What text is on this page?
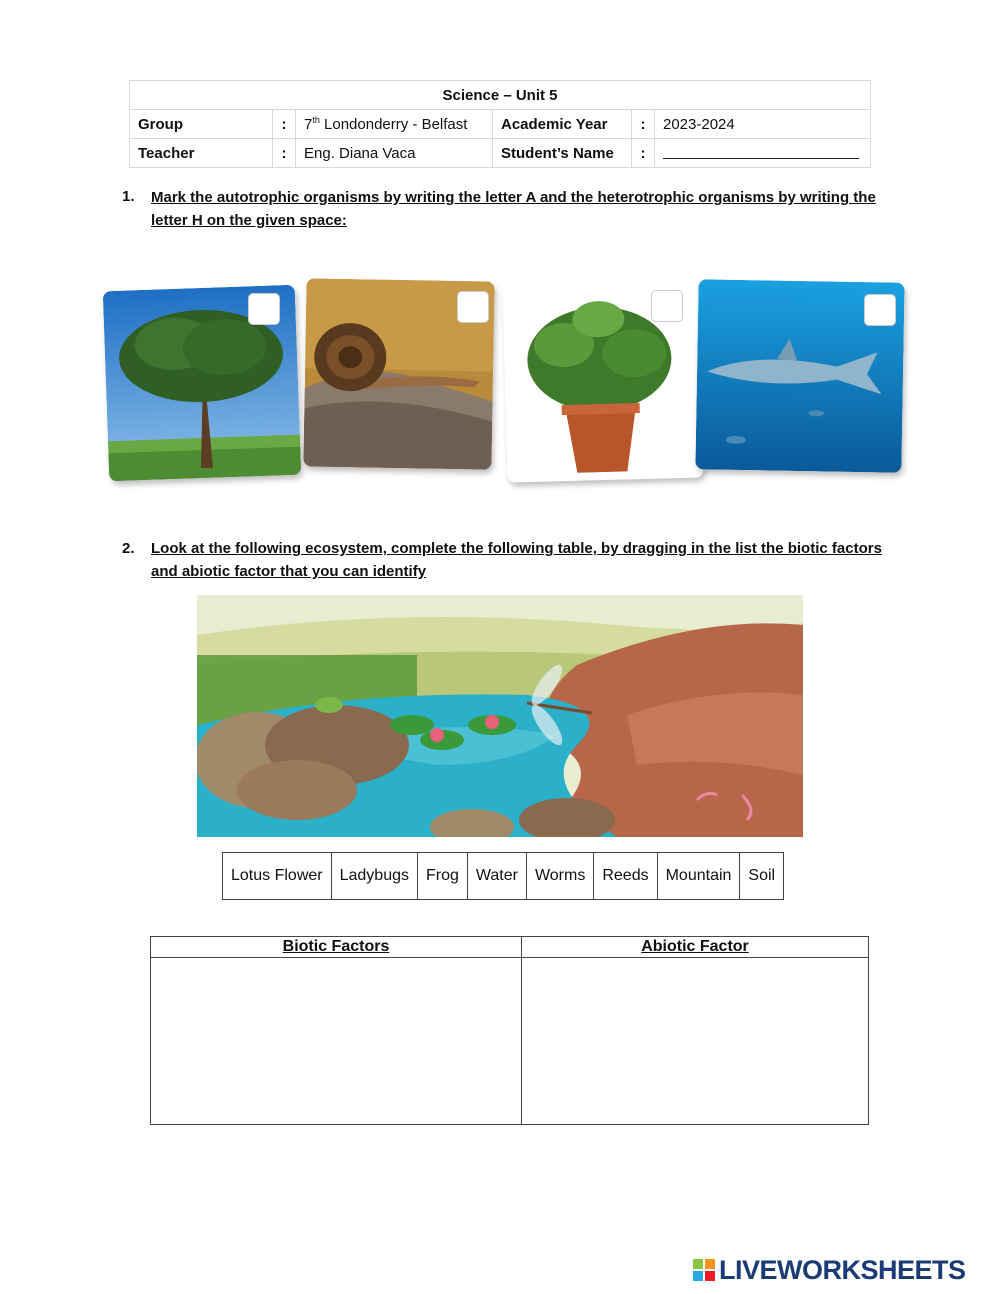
Science – Unit 5					
Group	:	7th Londonderry - Belfast	Academic Year	:	2023-2024
Teacher	:	Eng. Diana Vaca	Student’s Name	:	
1. Mark the autotrophic organisms by writing the letter A and the heterotrophic organisms by writing the letter H on the given space:
2. Look at the following ecosystem, complete the following table, by dragging in the list the biotic factors and abiotic factor that you can identify
Lotus Flower	Ladybugs	Frog	Water	Worms	Reeds	Mountain	Soil
Biotic Factors	Abiotic Factor

LIVEWORKSHEETS
